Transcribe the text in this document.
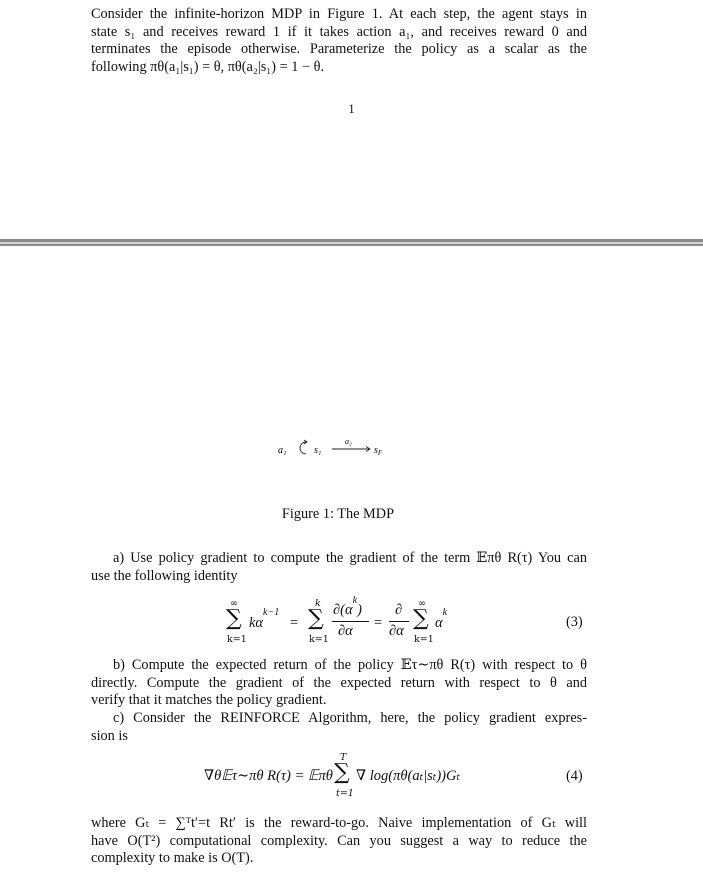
Consider the infinite-horizon MDP in Figure 1. At each step, the agent stays in
state s₁ and receives reward 1 if it takes action a₁, and receives reward 0 and
terminates the episode otherwise. Parameterize the policy as a scalar as the
following πθ(a₁|s₁) = θ, πθ(a₂|s₁) = 1 − θ.
1
a₁	s₁
a₂
$s_F$
Figure 1: The MDP
a) Use policy gradient to compute the gradient of the term 𝔼πθ R(τ) You can
use the following identity
∞
∑
k=1
$k\alpha^{k-1}$
=
k
∑
k=1
$\partial(\alpha^k)$
∂α =
∂
∂α
∞
∑
k=1
$\alpha^k$
(3)
b) Compute the expected return of the policy 𝔼τ∼πθ R(τ) with respect to θ
directly. Compute the gradient of the expected return with respect to θ and
verify that it matches the policy gradient.
c) Consider the REINFORCE Algorithm, here, the policy gradient expres-
sion is
∇θ𝔼τ∼πθ R(τ) = 𝔼πθ
T
∑
t=1
∇ log(πθ(aₜ|sₜ))Gₜ	(4)
where Gₜ = ∑ᵀt′=t Rt′ is the reward-to-go. Naive implementation of Gₜ will
have O(T²) computational complexity. Can you suggest a way to reduce the
complexity to make is O(T).
